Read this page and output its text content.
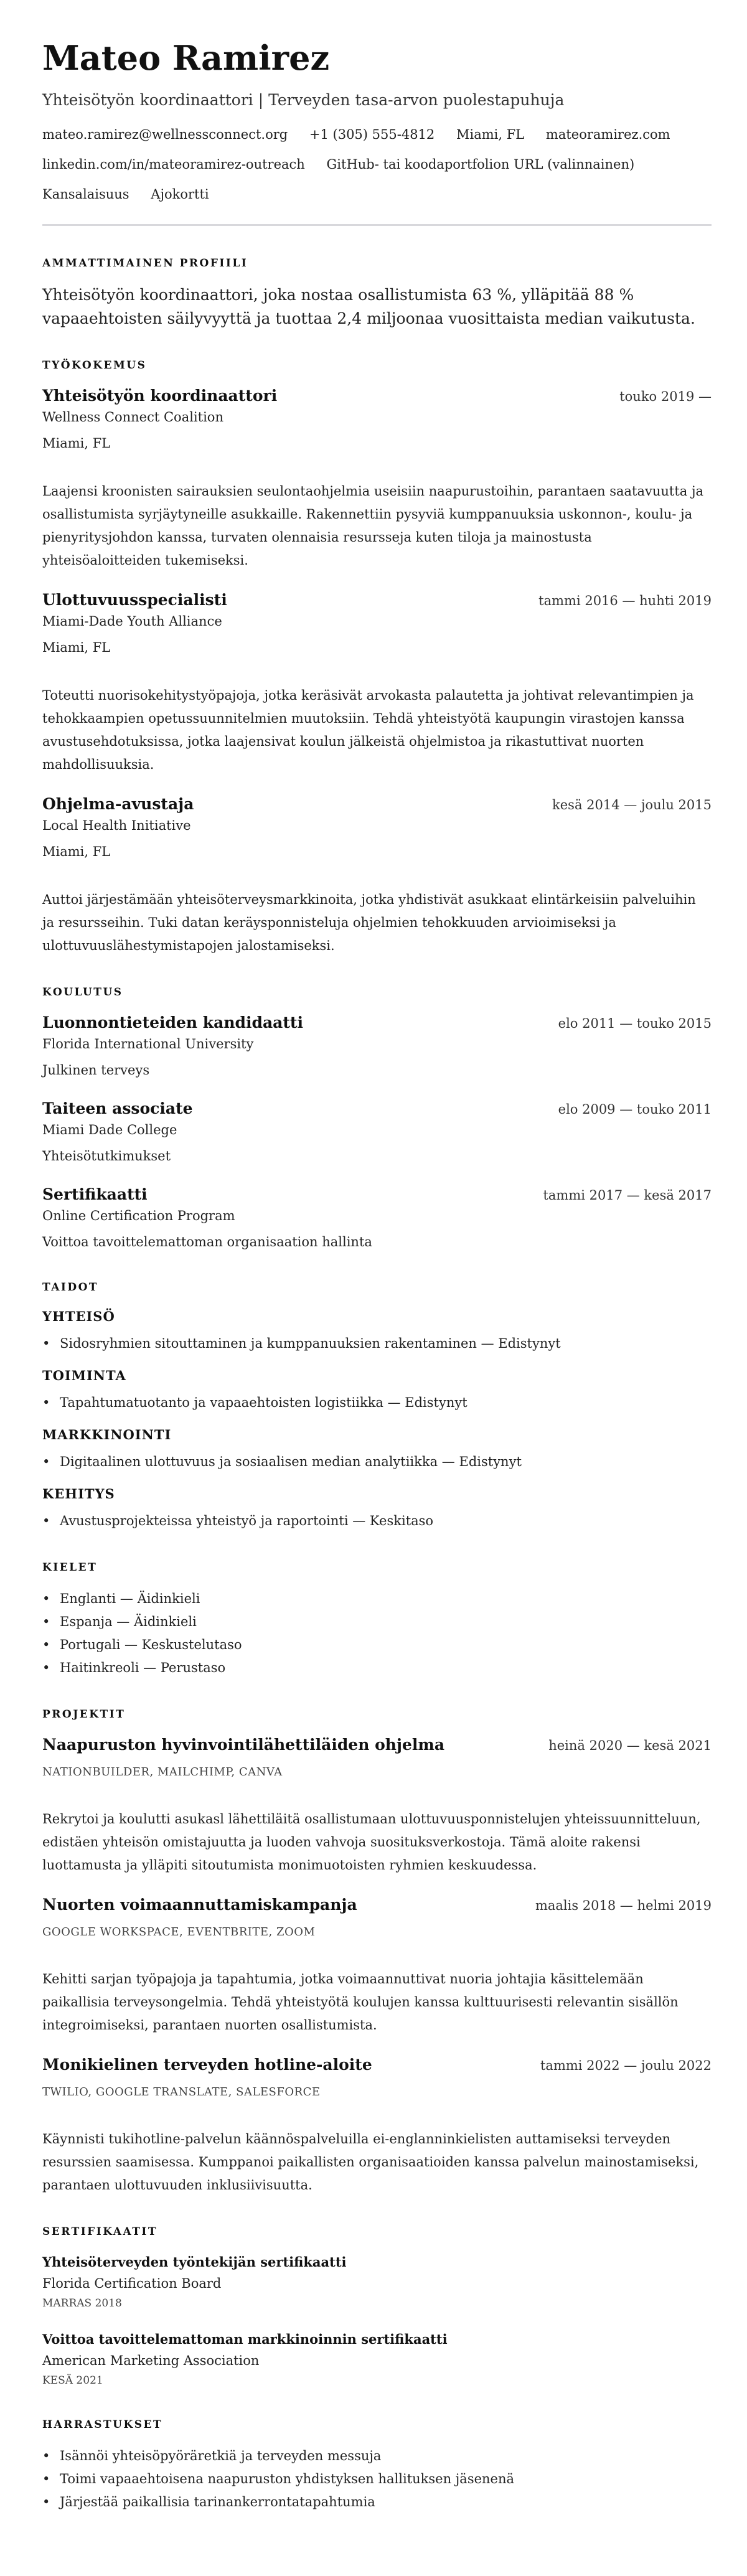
Mateo Ramirez
Yhteisötyön koordinaattori | Terveyden tasa-arvon puolestapuhuja
mateo.ramirez@wellnessconnect.org +1 (305) 555-4812 Miami, FL mateoramirez.com
linkedin.com/in/mateoramirez-outreach GitHub- tai koodaportfolion URL (valinnainen)
Kansalaisuus Ajokortti
AMMATTIMAINEN PROFIILI
Yhteisötyön koordinaattori, joka nostaa osallistumista 63 %, ylläpitää 88 % vapaaehtoisten säilyvyyttä ja tuottaa 2,4 miljoonaa vuosittaista median vaikutusta.
TYÖKOKEMUS
Yhteisötyön koordinaattori	touko 2019 —
Wellness Connect Coalition
Miami, FL
Laajensi kroonisten sairauksien seulontaohjelmia useisiin naapurustoihin, parantaen saatavuutta ja osallistumista syrjäytyneille asukkaille. Rakennettiin pysyviä kumppanuuksia uskonnon-, koulu- ja pienyritysjohdon kanssa, turvaten olennaisia resursseja kuten tiloja ja mainostusta yhteisöaloitteiden tukemiseksi.
Ulottuvuusspecialisti	tammi 2016 — huhti 2019
Miami-Dade Youth Alliance
Miami, FL
Toteutti nuorisokehitystyöpajoja, jotka keräsivät arvokasta palautetta ja johtivat relevantimpien ja tehokkaampien opetussuunnitelmien muutoksiin. Tehdä yhteistyötä kaupungin virastojen kanssa avustusehdotuksissa, jotka laajensivat koulun jälkeistä ohjelmistoa ja rikastuttivat nuorten mahdollisuuksia.
Ohjelma-avustaja	kesä 2014 — joulu 2015
Local Health Initiative
Miami, FL
Auttoi järjestämään yhteisöterveysmarkkinoita, jotka yhdistivät asukkaat elintärkeisiin palveluihin ja resursseihin. Tuki datan keräysponnisteluja ohjelmien tehokkuuden arvioimiseksi ja ulottuvuuslähestymistapojen jalostamiseksi.
KOULUTUS
Luonnontieteiden kandidaatti	elo 2011 — touko 2015
Florida International University
Julkinen terveys
Taiteen associate	elo 2009 — touko 2011
Miami Dade College
Yhteisötutkimukset
Sertifikaatti	tammi 2017 — kesä 2017
Online Certification Program
Voittoa tavoittelemattoman organisaation hallinta
TAIDOT
YHTEISÖ
• Sidosryhmien sitouttaminen ja kumppanuuksien rakentaminen — Edistynyt
TOIMINTA
• Tapahtumatuotanto ja vapaaehtoisten logistiikka — Edistynyt
MARKKINOINTI
• Digitaalinen ulottuvuus ja sosiaalisen median analytiikka — Edistynyt
KEHITYS
• Avustusprojekteissa yhteistyö ja raportointi — Keskitaso
KIELET
• Englanti — Äidinkieli
• Espanja — Äidinkieli
• Portugali — Keskustelutaso
• Haitinkreoli — Perustaso
PROJEKTIT
Naapuruston hyvinvointilähettiläiden ohjelma	heinä 2020 — kesä 2021
NATIONBUILDER, MAILCHIMP, CANVA
Rekrytoi ja koulutti asukasl lähettiläitä osallistumaan ulottuvuusponnistelujen yhteissuunnitteluun, edistäen yhteisön omistajuutta ja luoden vahvoja suosituksverkostoja. Tämä aloite rakensi luottamusta ja ylläpiti sitoutumista monimuotoisten ryhmien keskuudessa.
Nuorten voimaannuttamiskampanja	maalis 2018 — helmi 2019
GOOGLE WORKSPACE, EVENTBRITE, ZOOM
Kehitti sarjan työpajoja ja tapahtumia, jotka voimaannuttivat nuoria johtajia käsittelemään paikallisia terveysongelmia. Tehdä yhteistyötä koulujen kanssa kulttuurisesti relevantin sisällön integroimiseksi, parantaen nuorten osallistumista.
Monikielinen terveyden hotline-aloite	tammi 2022 — joulu 2022
TWILIO, GOOGLE TRANSLATE, SALESFORCE
Käynnisti tukihotline-palvelun käännöspalveluilla ei-englanninkielisten auttamiseksi terveyden resurssien saamisessa. Kumppanoi paikallisten organisaatioiden kanssa palvelun mainostamiseksi, parantaen ulottuvuuden inklusiivisuutta.
SERTIFIKAATIT
Yhteisöterveyden työntekijän sertifikaatti
Florida Certification Board
MARRAS 2018
Voittoa tavoittelemattoman markkinoinnin sertifikaatti
American Marketing Association
KESÄ 2021
HARRASTUKSET
• Isännöi yhteisöpyöräretkiä ja terveyden messuja
• Toimi vapaaehtoisena naapuruston yhdistyksen hallituksen jäsenenä
• Järjestää paikallisia tarinankerrontatapahtumia
